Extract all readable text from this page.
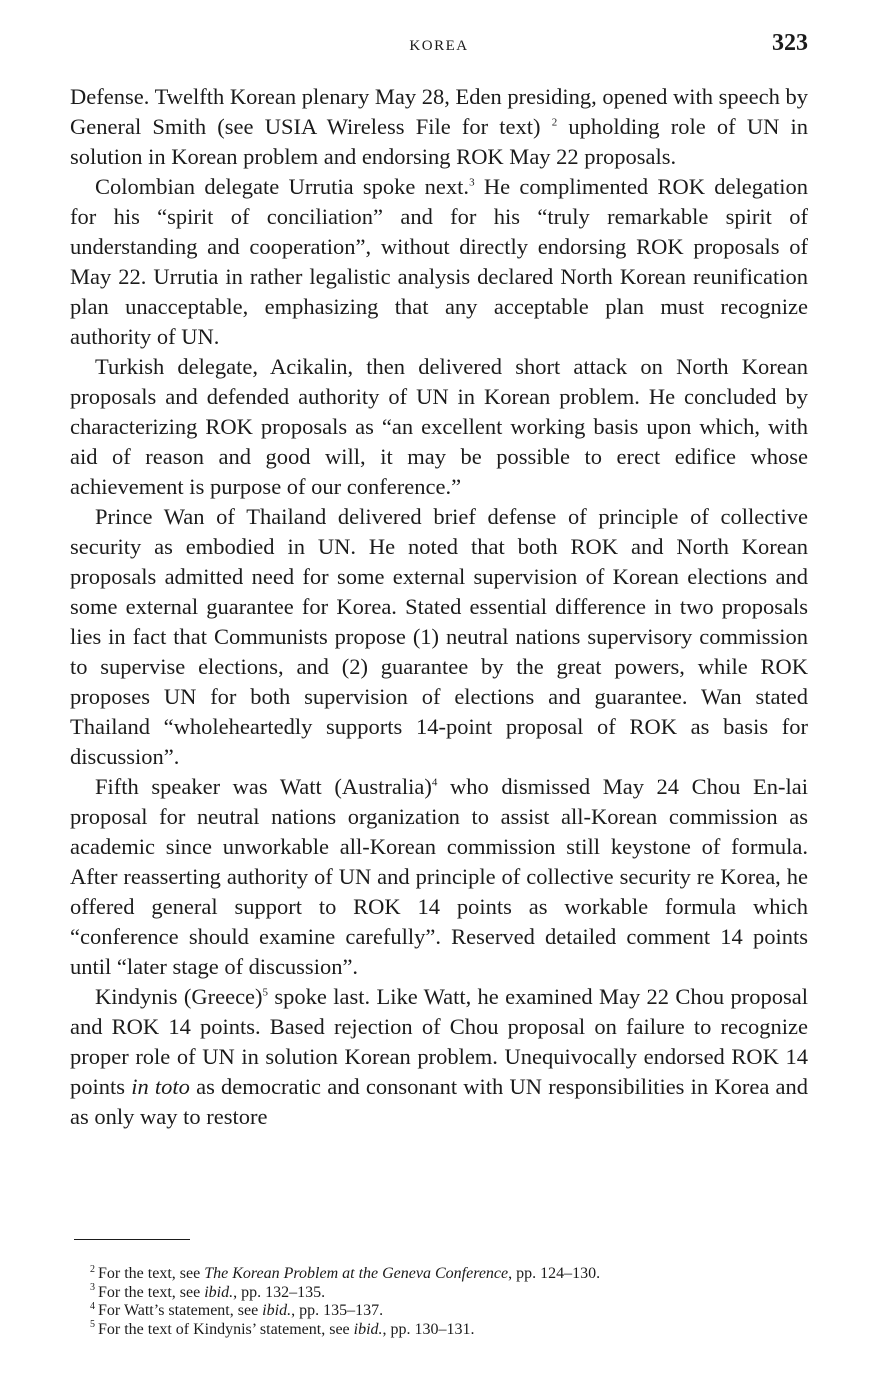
KOREA	323

Defense. Twelfth Korean plenary May 28, Eden presiding, opened with speech by General Smith (see USIA Wireless File for text) $^2$ upholding role of UN in solution in Korean problem and endorsing ROK May 22 proposals.

Colombian delegate Urrutia spoke next.$^3$ He complimented ROK delegation for his “spirit of conciliation” and for his “truly remarkable spirit of understanding and cooperation”, without directly endorsing ROK proposals of May 22. Urrutia in rather legalistic analysis declared North Korean reunification plan unacceptable, emphasizing that any acceptable plan must recognize authority of UN.

Turkish delegate, Acikalin, then delivered short attack on North Korean proposals and defended authority of UN in Korean problem. He concluded by characterizing ROK proposals as “an excellent working basis upon which, with aid of reason and good will, it may be possible to erect edifice whose achievement is purpose of our conference.”

Prince Wan of Thailand delivered brief defense of principle of collective security as embodied in UN. He noted that both ROK and North Korean proposals admitted need for some external supervision of Korean elections and some external guarantee for Korea. Stated essential difference in two proposals lies in fact that Communists propose (1) neutral nations supervisory commission to supervise elections, and (2) guarantee by the great powers, while ROK proposes UN for both supervision of elections and guarantee. Wan stated Thailand “wholeheartedly supports 14-point proposal of ROK as basis for discussion”.

Fifth speaker was Watt (Australia)$^4$ who dismissed May 24 Chou En-lai proposal for neutral nations organization to assist all-Korean commission as academic since unworkable all-Korean commission still keystone of formula. After reasserting authority of UN and principle of collective security re Korea, he offered general support to ROK 14 points as workable formula which “conference should examine carefully”. Reserved detailed comment 14 points until “later stage of discussion”.

Kindynis (Greece)$^5$ spoke last. Like Watt, he examined May 22 Chou proposal and ROK 14 points. Based rejection of Chou proposal on failure to recognize proper role of UN in solution Korean problem. Unequivocally endorsed ROK 14 points in toto as democratic and consonant with UN responsibilities in Korea and as only way to restore

$^2$ For the text, see The Korean Problem at the Geneva Conference, pp. 124–130.
$^3$ For the text, see ibid., pp. 132–135.
$^4$ For Watt’s statement, see ibid., pp. 135–137.
$^5$ For the text of Kindynis’ statement, see ibid., pp. 130–131.
